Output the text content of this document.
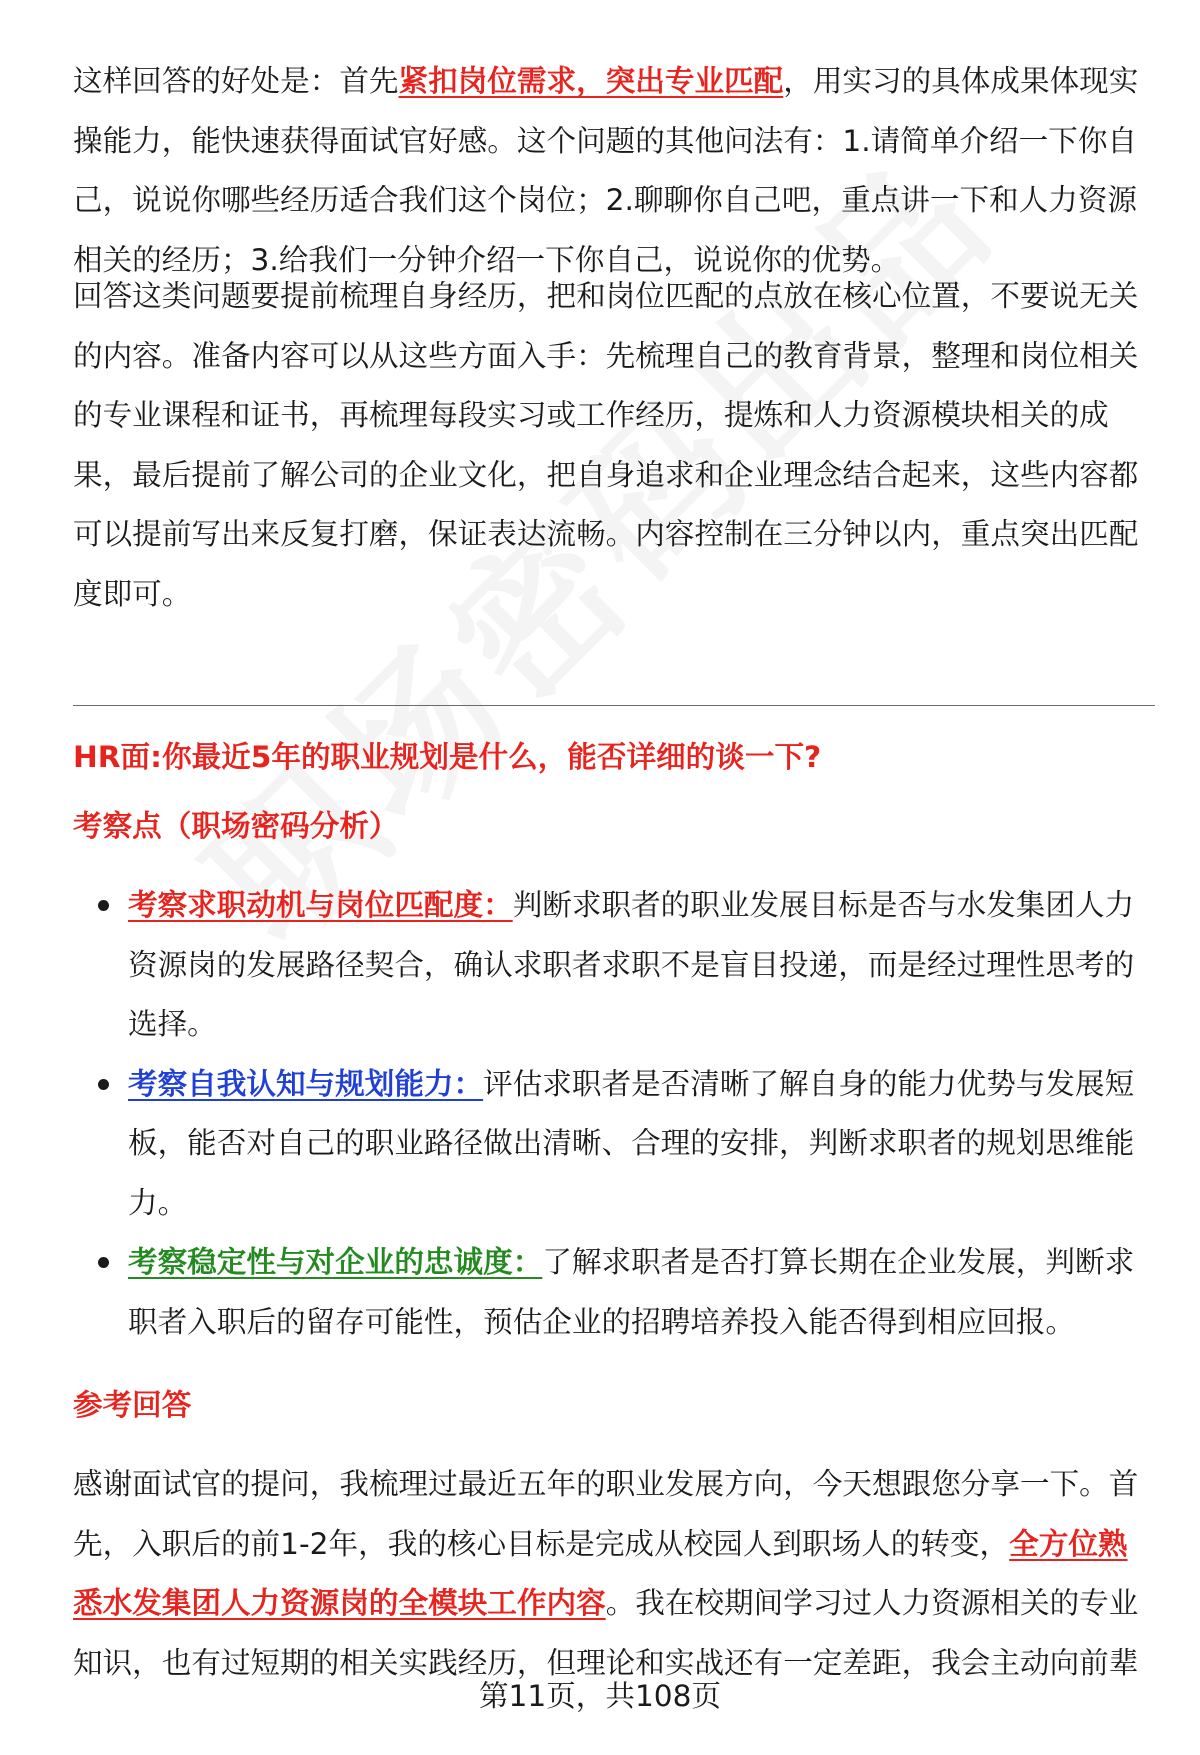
这样回答的好处是：首先紧扣岗位需求，突出专业匹配，用实习的具体成果体现实操能力，能快速获得面试官好感。这个问题的其他问法有：1.请简单介绍一下你自己，说说你哪些经历适合我们这个岗位；2.聊聊你自己吧，重点讲一下和人力资源相关的经历；3.给我们一分钟介绍一下你自己，说说你的优势。

回答这类问题要提前梳理自身经历，把和岗位匹配的点放在核心位置，不要说无关的内容。准备内容可以从这些方面入手：先梳理自己的教育背景，整理和岗位相关的专业课程和证书，再梳理每段实习或工作经历，提炼和人力资源模块相关的成果，最后提前了解公司的企业文化，把自身追求和企业理念结合起来，这些内容都可以提前写出来反复打磨，保证表达流畅。内容控制在三分钟以内，重点突出匹配度即可。

HR面:你最近5年的职业规划是什么，能否详细的谈一下?
考察点（职场密码分析）
考察求职动机与岗位匹配度：判断求职者的职业发展目标是否与水发集团人力资源岗的发展路径契合，确认求职者求职不是盲目投递，而是经过理性思考的选择。
考察自我认知与规划能力：评估求职者是否清晰了解自身的能力优势与发展短板，能否对自己的职业路径做出清晰、合理的安排，判断求职者的规划思维能力。
考察稳定性与对企业的忠诚度：了解求职者是否打算长期在企业发展，判断求职者入职后的留存可能性，预估企业的招聘培养投入能否得到相应回报。
参考回答

感谢面试官的提问，我梳理过最近五年的职业发展方向，今天想跟您分享一下。首先，入职后的前1-2年，我的核心目标是完成从校园人到职场人的转变，全方位熟悉水发集团人力资源岗的全模块工作内容。我在校期间学习过人力资源相关的专业知识，也有过短期的相关实践经历，但理论和实战还有一定差距，我会主动向前辈

第11页，共108页
